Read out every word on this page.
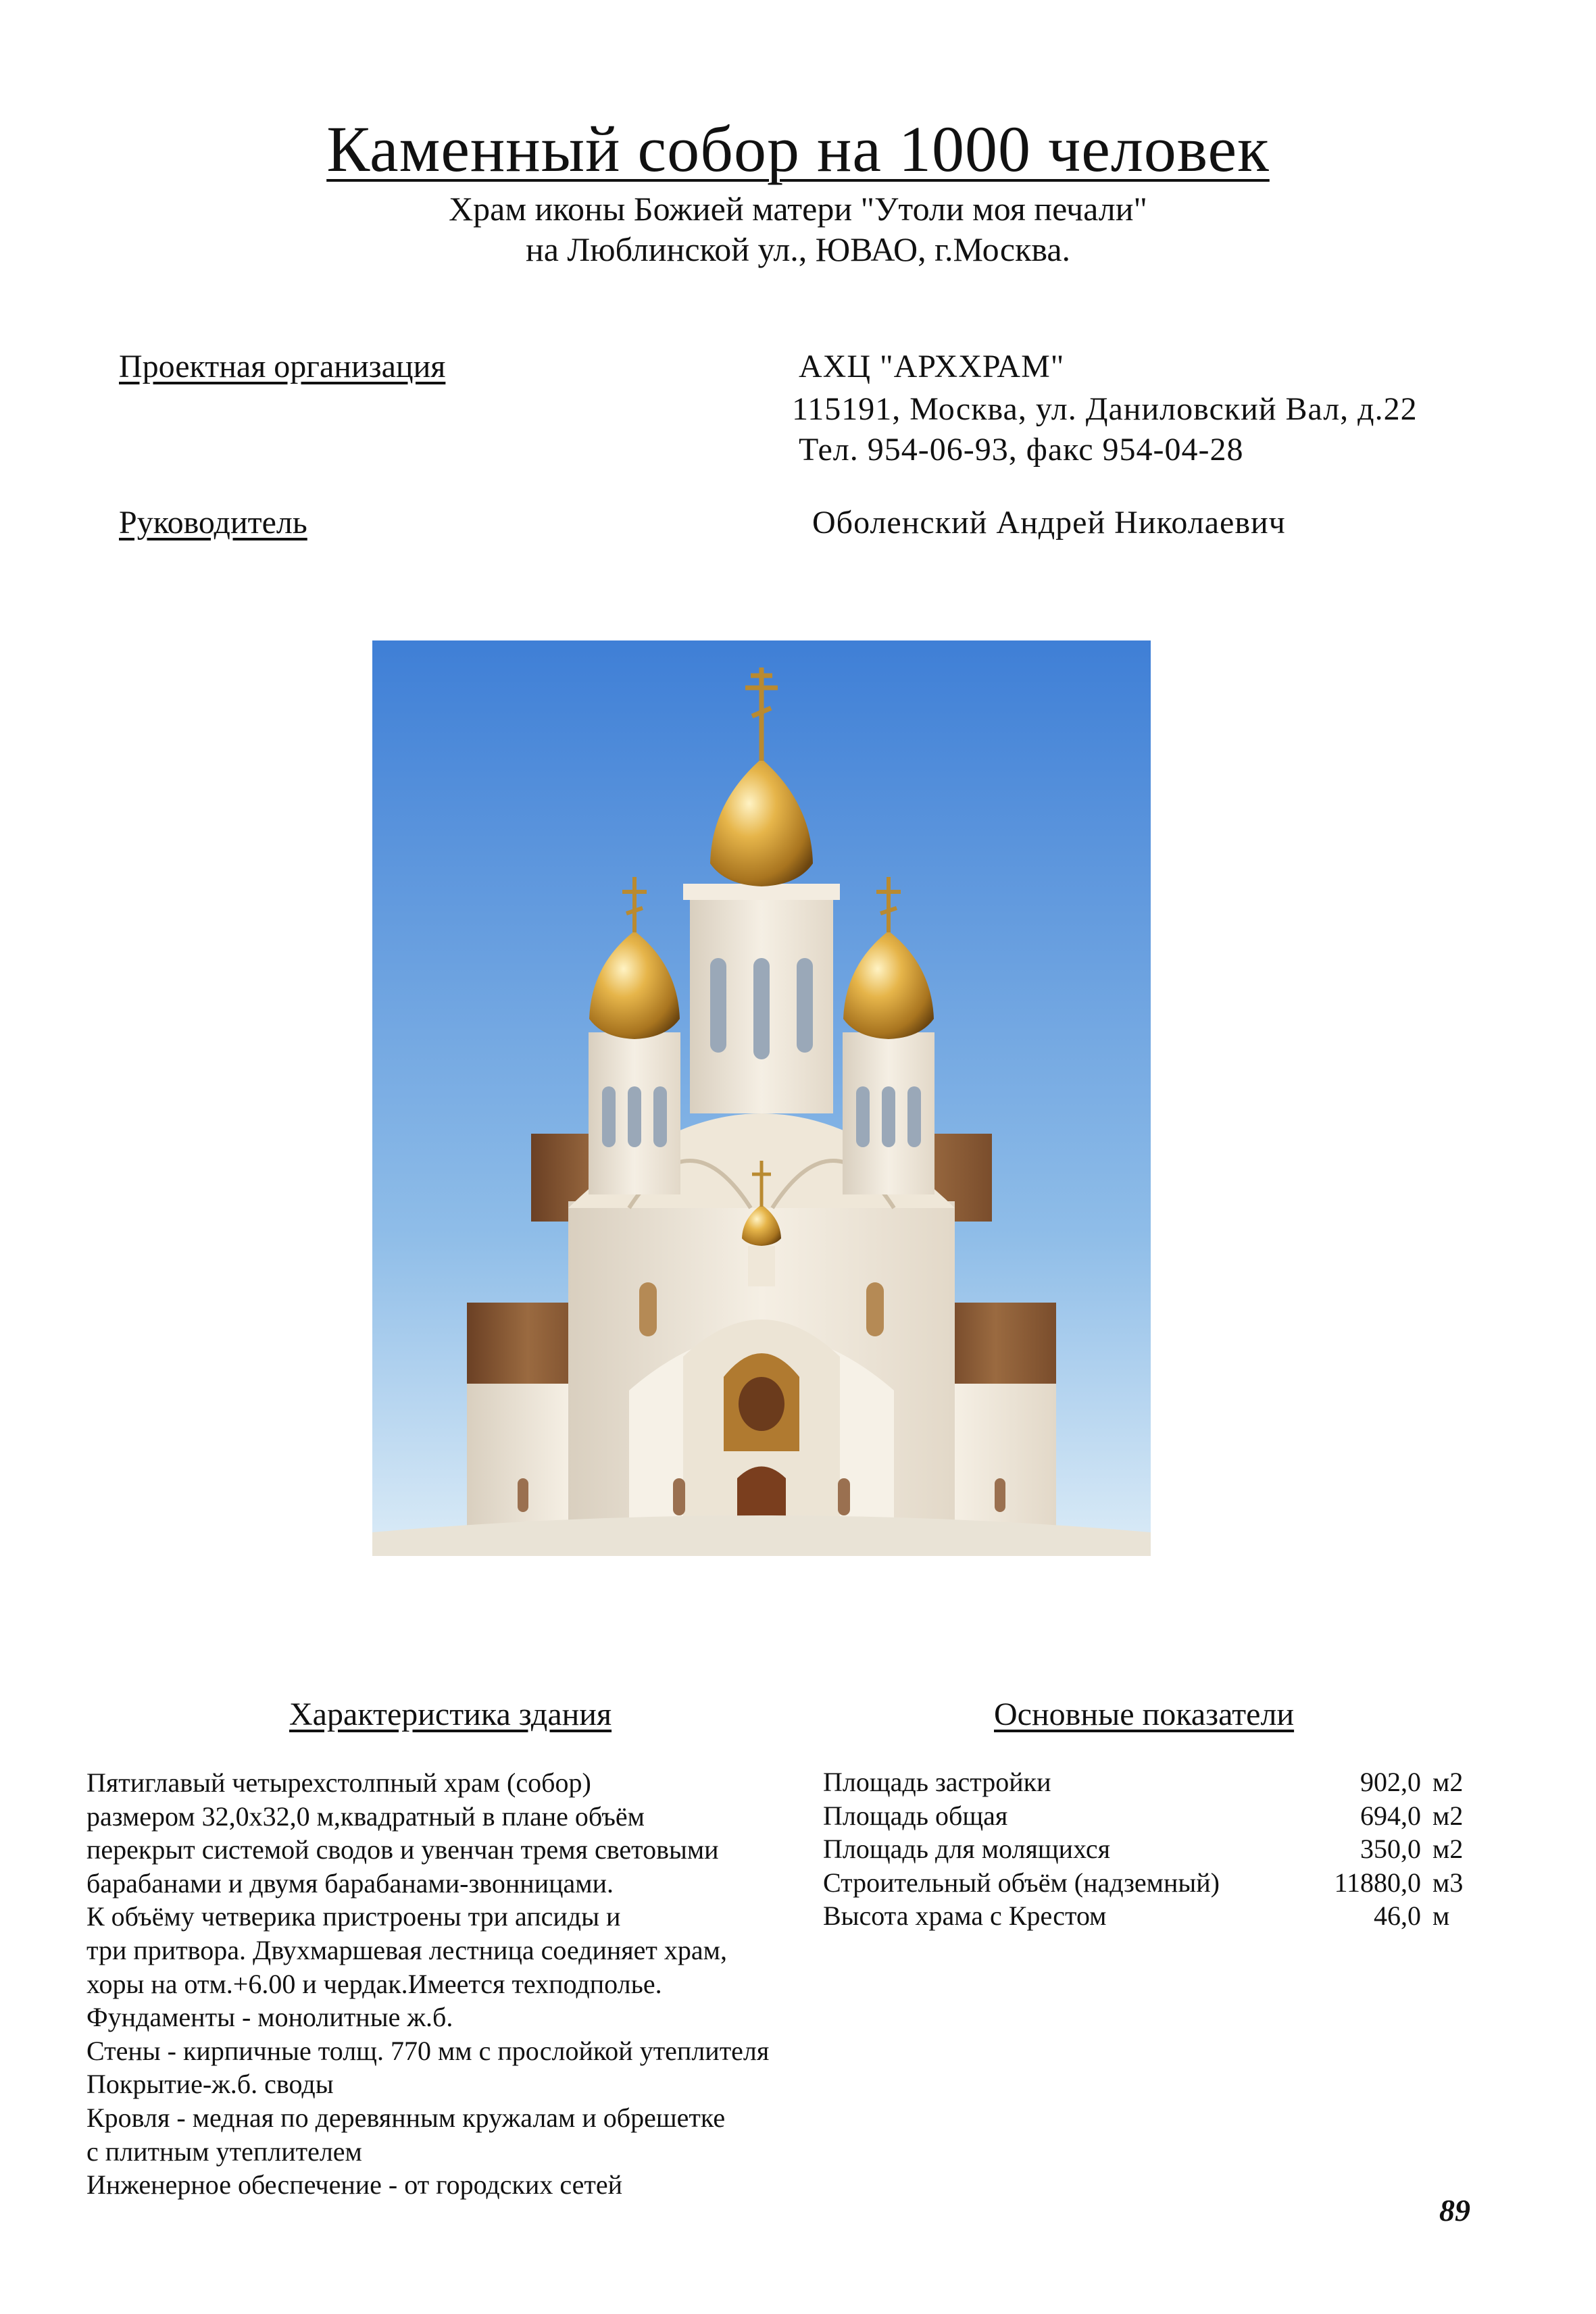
Каменный собор на 1000 человек
Храм иконы Божией матери "Утоли моя печали"
на Люблинской ул., ЮВАО, г.Москва.
Проектная организация	АХЦ "АРХХРАМ"
115191, Москва, ул. Даниловский Вал, д.22
Тел. 954-06-93, факс 954-04-28
Руководитель	Оболенский Андрей Николаевич
Характеристика здания
Пятиглавый четырехстолпный храм (собор)
размером 32,0х32,0 м,квадратный в плане объём
перекрыт системой сводов и увенчан тремя световыми
барабанами и двумя барабанами-звонницами.
К объёму четверика пристроены три апсиды и
три притвора. Двухмаршевая лестница соединяет храм,
хоры на отм.+6.00 и чердак.Имеется техподполье.
Фундаменты - монолитные ж.б.
Стены - кирпичные толщ. 770 мм с прослойкой утеплителя
Покрытие-ж.б. своды
Кровля - медная по деревянным кружалам и обрешетке
с плитным утеплителем
Инженерное обеспечение - от городских сетей
Основные показатели
Площадь застройки	902,0 м2
Площадь общая	694,0 м2
Площадь для молящихся	350,0 м2
Строительный объём (надземный)	11880,0 м3
Высота храма с Крестом	46,0 м
89
